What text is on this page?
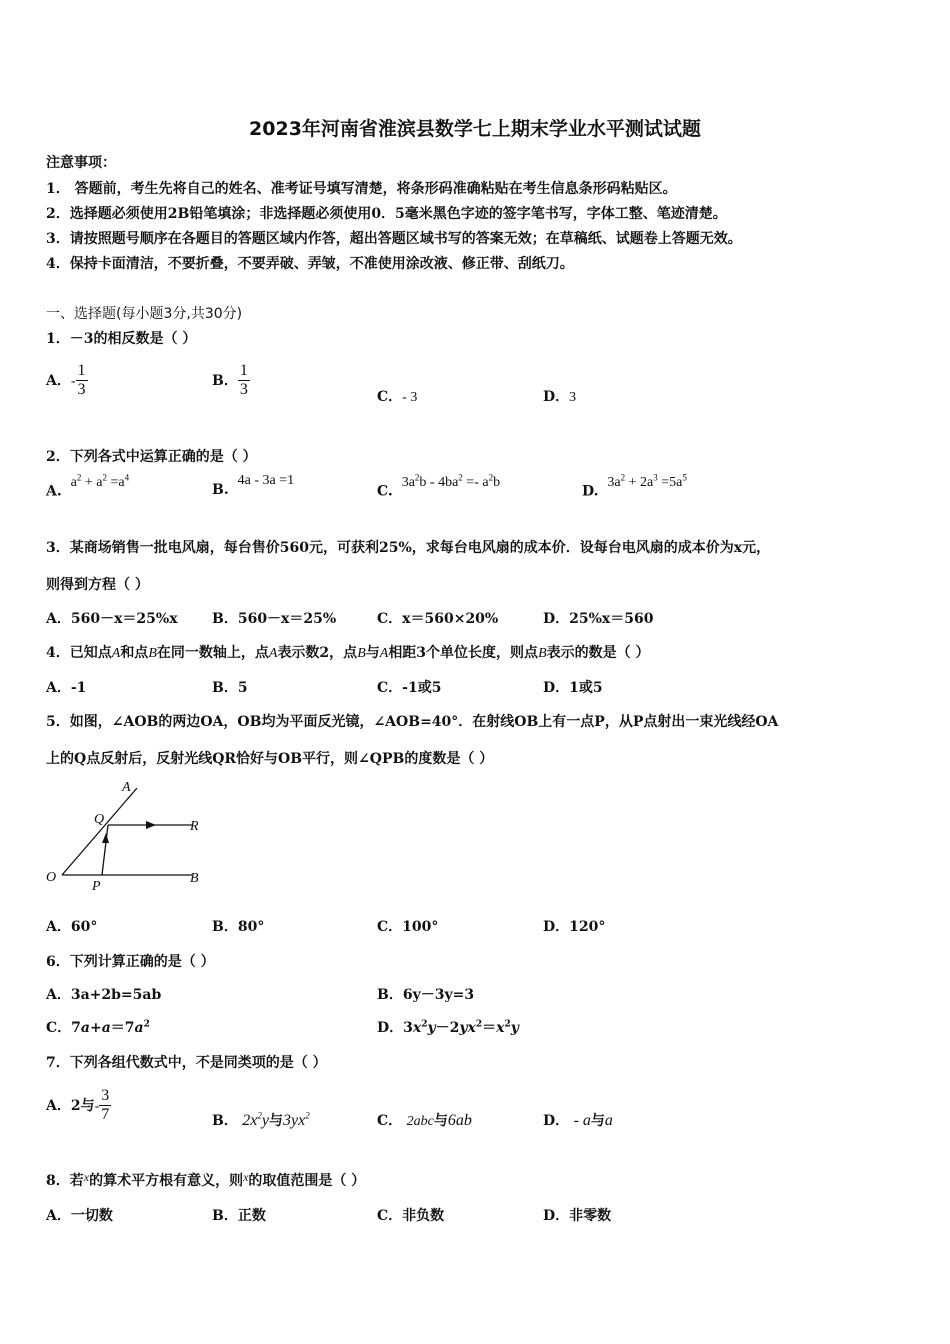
2023年河南省淮滨县数学七上期末学业水平测试试题
注意事项：
1． 答题前，考生先将自己的姓名、准考证号填写清楚，将条形码准确粘贴在考生信息条形码粘贴区。
2．选择题必须使用2B铅笔填涂；非选择题必须使用0．5毫米黑色字迹的签字笔书写，字体工整、笔迹清楚。
3．请按照题号顺序在各题目的答题区域内作答，超出答题区域书写的答案无效；在草稿纸、试题卷上答题无效。
4．保持卡面清洁，不要折叠，不要弄破、弄皱，不准使用涂改液、修正带、刮纸刀。
一、选择题(每小题3分,共30分)
1．－3的相反数是（ ）
A．- $\frac{1}{3}$	B． $\frac{1}{3}$	C．- 3	D．3
2．下列各式中运算正确的是（ ）
A.  $a^2 + a^2 =a^4$
B.  4a - 3a =1
C.  $3a^2b - 4ba^2 =- a^2b$
D.  $3a^2 + 2a^3 =5a^5$
3．某商场销售一批电风扇，每台售价560元，可获利25%，求每台电风扇的成本价．设每台电风扇的成本价为x元，
则得到方程（ ）
A．560－x＝25%x B．560－x＝25%	C．x＝560×20%	D．25%x＝560
4．已知点A和点B在同一数轴上，点A表示数2，点B与A相距3个单位长度，则点B表示的数是（ ）
A．-1	B．5	C．-1或5	D．1或5
5．如图，∠AOB的两边OA，OB均为平面反光镜，∠AOB=40°．在射线OB上有一点P，从P点射出一束光线经OA
上的Q点反射后，反射光线QR恰好与OB平行，则∠QPB的度数是（ ）
A
Q	R
O
P
B
A．60°	B．80°	C．100°	D．120°
6．下列计算正确的是（ ）
A．3a+2b=5ab	B．6y－3y=3
C．$7a+a=7a^2$	D．$3x^2y-2yx^2=x^2y$
7．下列各组代数式中，不是同类项的是（ ）
A．2与- $\frac{3}{7}$	B． $2x^2y$与$3yx^2$	C． 2abc与6ab	D． - a与a
8．若x的算术平方根有意义，则x的取值范围是（ ）
A．一切数	B．正数	C．非负数	D．非零数
